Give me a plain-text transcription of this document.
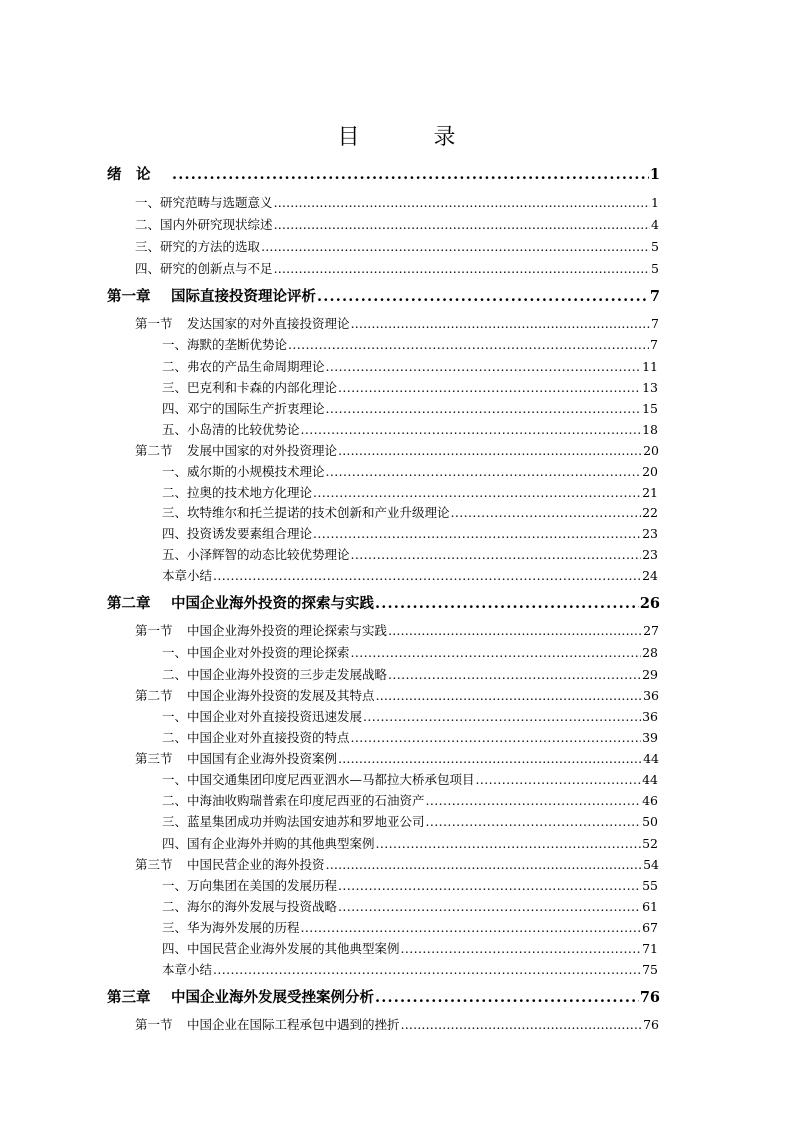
目　录
绪　论 .....	1
一、研究范畴与选题意义 ……………………………………………………………………………………………………………………………………………………………………………………………………	1
二、国内外研究现状综述 ……………………………………………………………………………………………………………………………………………………………………………………………………	4
三、研究的方法的选取 ……………………………………………………………………………………………………………………………………………………………………………………………………	5
四、研究的创新点与不足 ……………………………………………………………………………………………………………………………………………………………………………………………………	5
第一章 国际直接投资理论评析 .....	7
第一节 发达国家的对外直接投资理论 ……………………………………………………………………………………………………………………………………………………………………………………………………	7
一、海默的垄断优势论 .....	7
二、弗农的产品生命周期理论 .....	11
三、巴克利和卡森的内部化理论 .....	13
四、邓宁的国际生产折衷理论 .....	15
五、小岛清的比较优势论 .....	18
第二节 发展中国家的对外投资理论 ……………………………………………………………………………………………………………………………………………………………………………………………………	20
一、威尔斯的小规模技术理论 .....	20
二、拉奥的技术地方化理论 .....	21
三、坎特维尔和托兰提诺的技术创新和产业升级理论 .....	22
四、投资诱发要素组合理论 .....	23
五、小泽辉智的动态比较优势理论 .....	23
本章小结 .....	24
第二章 中国企业海外投资的探索与实践 .....	26
第一节 中国企业海外投资的理论探索与实践 ……………………………………………………………………………………………………………………………………………………………………………………………………	27
一、中国企业对外投资的理论探索 .....	28
二、中国企业海外投资的三步走发展战略 .....	29
第二节 中国企业海外投资的发展及其特点 ……………………………………………………………………………………………………………………………………………………………………………………………………	36
一、中国企业对外直接投资迅速发展 .....	36
二、中国企业对外直接投资的特点 .....	39
第三节 中国国有企业海外投资案例 ……………………………………………………………………………………………………………………………………………………………………………………………………	44
一、中国交通集团印度尼西亚泗水—马都拉大桥承包项目 .....	44
二、中海油收购瑞普索在印度尼西亚的石油资产 .....	46
三、蓝星集团成功并购法国安迪苏和罗地亚公司 .....	50
四、国有企业海外并购的其他典型案例 .....	52
第三节 中国民营企业的海外投资 ……………………………………………………………………………………………………………………………………………………………………………………………………	54
一、万向集团在美国的发展历程 .....	55
二、海尔的海外发展与投资战略 .....	61
三、华为海外发展的历程 .....	67
四、中国民营企业海外发展的其他典型案例 .....	71
本章小结 .....	75
第三章 中国企业海外发展受挫案例分析 .....	76
第一节 中国企业在国际工程承包中遇到的挫折 ……………………………………………………………………………………………………………………………………………………………………………………………………	76
